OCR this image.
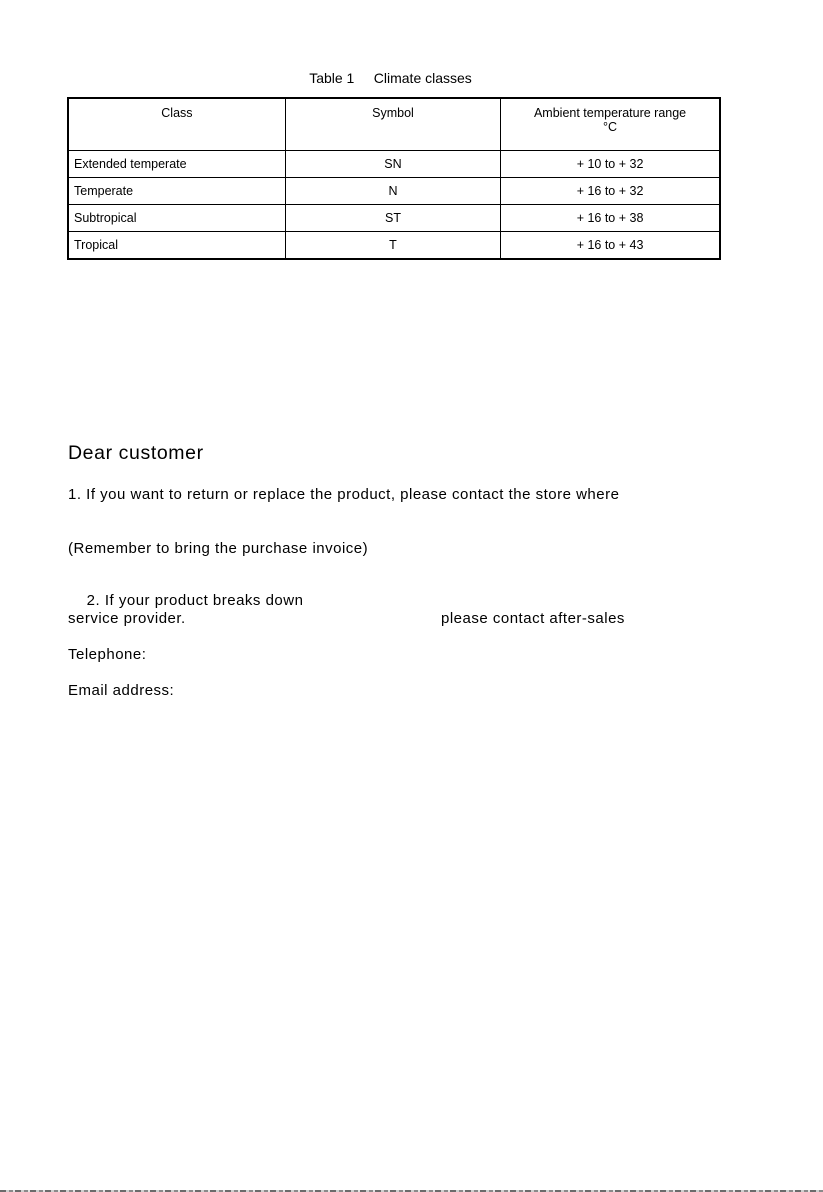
Table 1     Climate classes
Class	Symbol	Ambient temperature range
°C

Extended temperate	SN	+ 10 to + 32
Temperate	N	+ 16 to + 32
Subtropical	ST	+ 16 to + 38
Tropical	T	+ 16 to + 43
Dear customer
1. If you want to return or replace the product, please contact the store where
(Remember to bring the purchase invoice)

2. If your product breaks down

please contact after-sales

service provider.
Telephone:
Email address:
